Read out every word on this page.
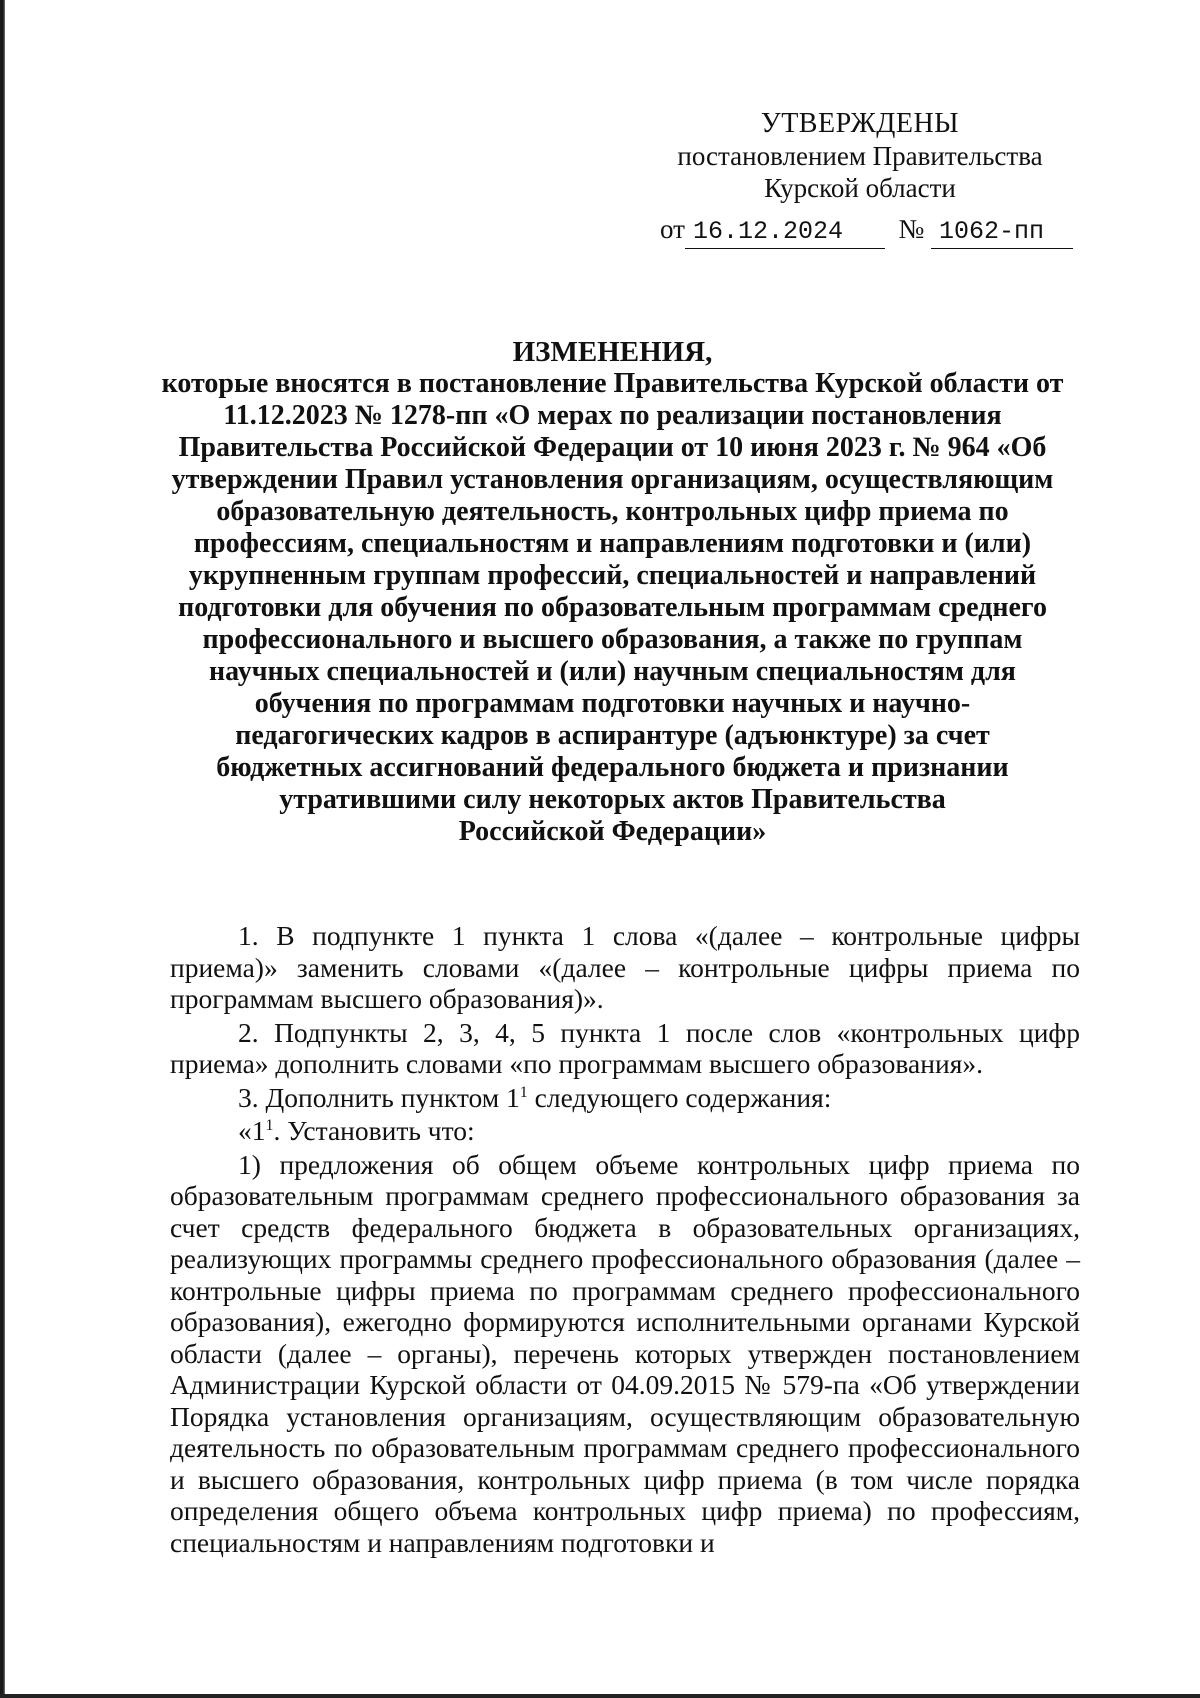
УТВЕРЖДЕНЫ
постановлением Правительства
Курской области
от 16.12.2024 № 1062-пп
ИЗМЕНЕНИЯ,
которые вносятся в постановление Правительства Курской области от
11.12.2023 № 1278-пп «О мерах по реализации постановления
Правительства Российской Федерации от 10 июня 2023 г. № 964 «Об
утверждении Правил установления организациям, осуществляющим
образовательную деятельность, контрольных цифр приема по
профессиям, специальностям и направлениям подготовки и (или)
укрупненным группам профессий, специальностей и направлений
подготовки для обучения по образовательным программам среднего
профессионального и высшего образования, а также по группам
научных специальностей и (или) научным специальностям для
обучения по программам подготовки научных и научно-
педагогических кадров в аспирантуре (адъюнктуре) за счет
бюджетных ассигнований федерального бюджета и признании
утратившими силу некоторых актов Правительства
Российской Федерации»

1. В подпункте 1 пункта 1 слова «(далее – контрольные цифры приема)» заменить словами «(далее – контрольные цифры приема по программам высшего образования)».

2. Подпункты 2, 3, 4, 5 пункта 1 после слов «контрольных цифр приема» дополнить словами «по программам высшего образования».

3. Дополнить пунктом $1^1$ следующего содержания:

«$1^1$. Установить что:

1) предложения об общем объеме контрольных цифр приема по образовательным программам среднего профессионального образования за счет средств федерального бюджета в образовательных организациях, реализующих программы среднего профессионального образования (далее – контрольные цифры приема по программам среднего профессионального образования), ежегодно формируются исполнительными органами Курской области (далее – органы), перечень которых утвержден постановлением Администрации Курской области от 04.09.2015 № 579-па «Об утверждении Порядка установления организациям, осуществляющим образовательную деятельность по образовательным программам среднего профессионального и высшего образования, контрольных цифр приема (в том числе порядка определения общего объема контрольных цифр приема) по профессиям, специальностям и направлениям подготовки и
